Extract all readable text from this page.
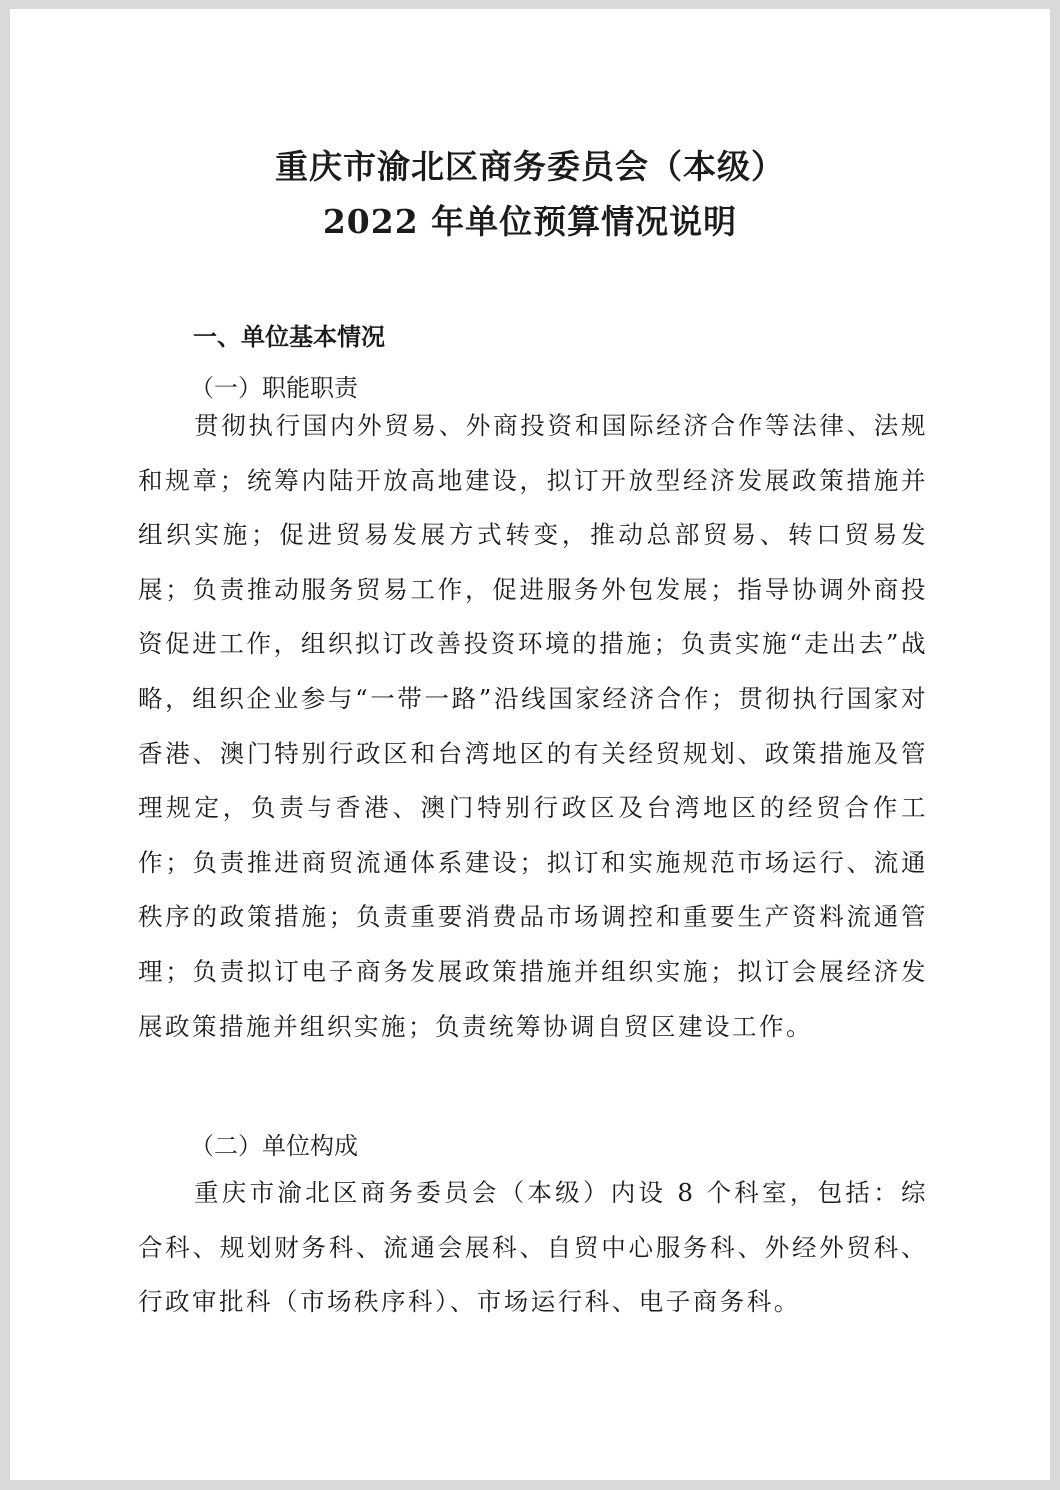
重庆市渝北区商务委员会（本级）
2022 年单位预算情况说明
一、单位基本情况
（一）职能职责
贯彻执行国内外贸易、外商投资和国际经济合作等法律、法规和规章；统筹内陆开放高地建设，拟订开放型经济发展政策措施并组织实施；促进贸易发展方式转变，推动总部贸易、转口贸易发展；负责推动服务贸易工作，促进服务外包发展；指导协调外商投资促进工作，组织拟订改善投资环境的措施；负责实施“走出去”战略，组织企业参与“一带一路”沿线国家经济合作；贯彻执行国家对香港、澳门特别行政区和台湾地区的有关经贸规划、政策措施及管理规定，负责与香港、澳门特别行政区及台湾地区的经贸合作工作；负责推进商贸流通体系建设；拟订和实施规范市场运行、流通秩序的政策措施；负责重要消费品市场调控和重要生产资料流通管理；负责拟订电子商务发展政策措施并组织实施；拟订会展经济发展政策措施并组织实施；负责统筹协调自贸区建设工作。
（二）单位构成
重庆市渝北区商务委员会（本级）内设 8 个科室，包括：综合科、规划财务科、流通会展科、自贸中心服务科、外经外贸科、行政审批科（市场秩序科）、市场运行科、电子商务科。
